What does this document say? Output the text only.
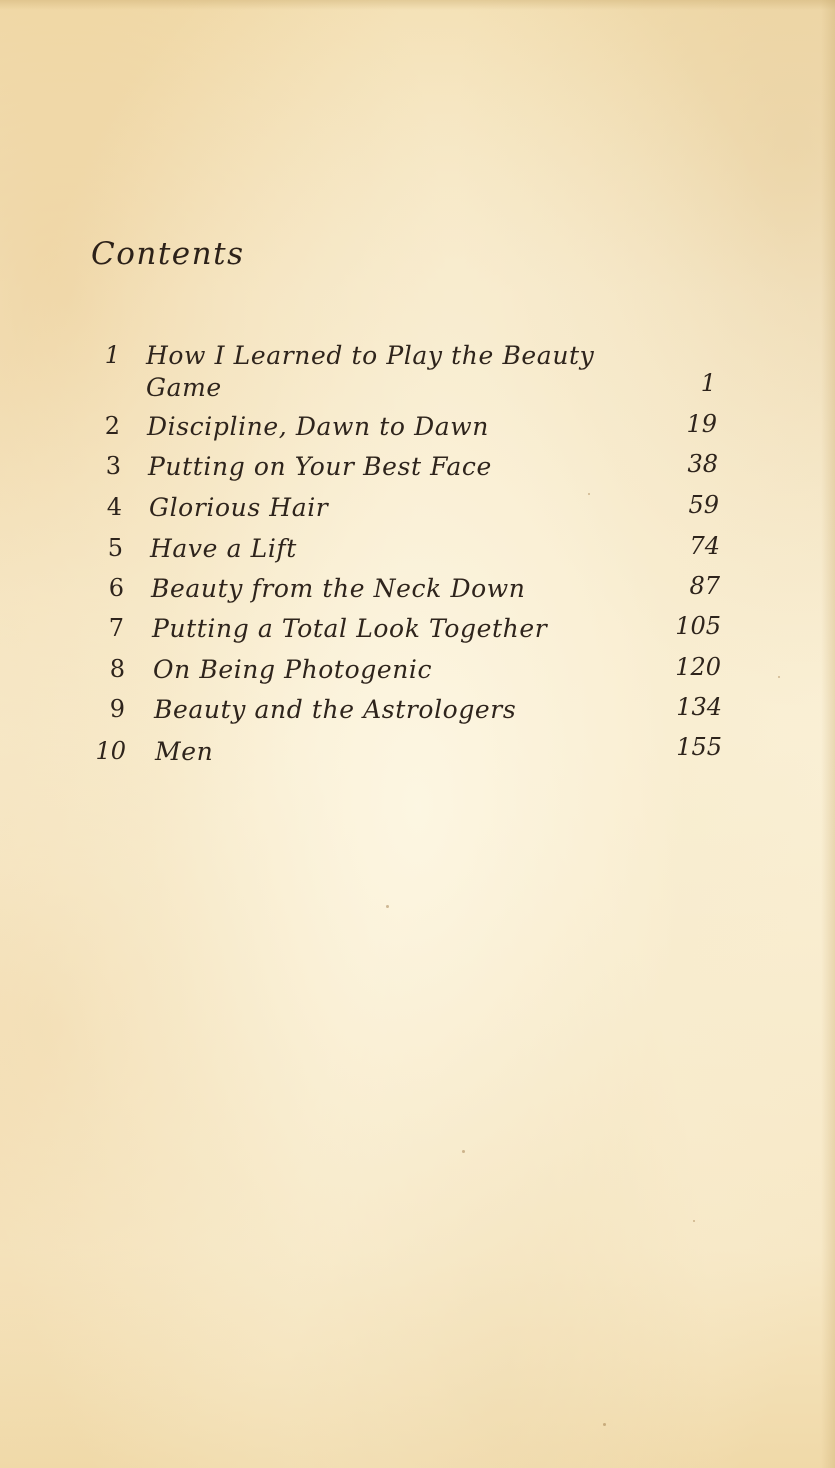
Contents
1 How I Learned to Play the Beauty
Game	1
2 Discipline, Dawn to Dawn	19
3 Putting on Your Best Face	38
4 Glorious Hair	59
5 Have a Lift	74
6 Beauty from the Neck Down	87
7 Putting a Total Look Together	105
8 On Being Photogenic	120
9 Beauty and the Astrologers	134
10 Men	155
